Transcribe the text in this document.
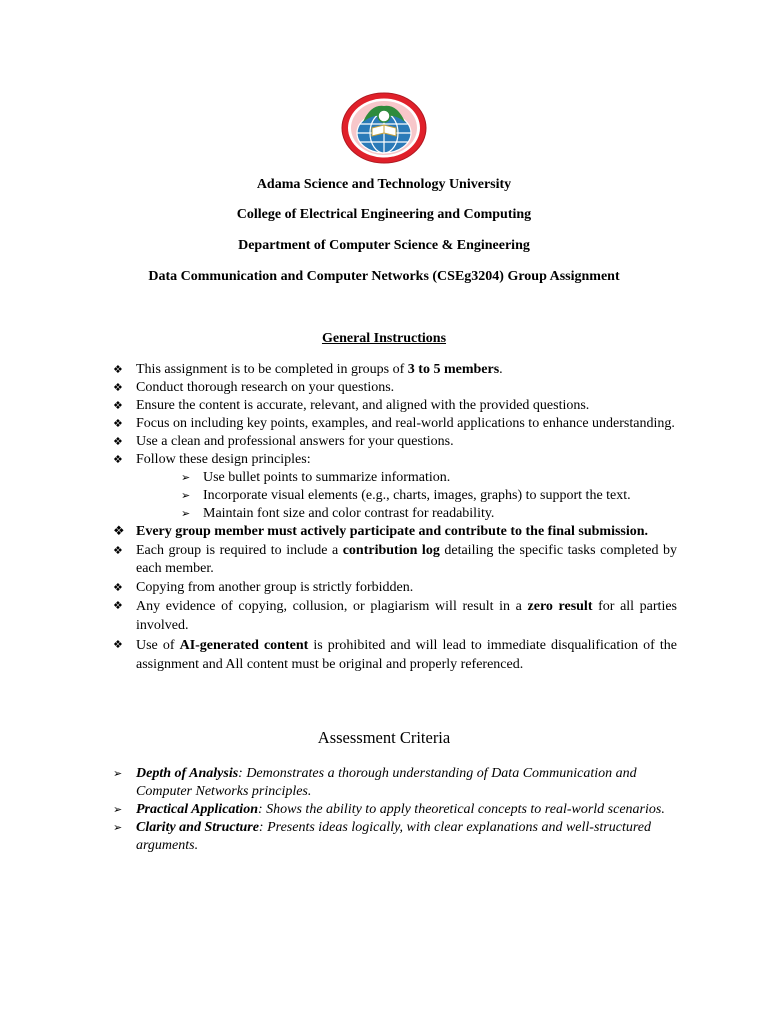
Adama Science and Technology University
College of Electrical Engineering and Computing
Department of Computer Science & Engineering
Data Communication and Computer Networks (CSEg3204) Group Assignment
General Instructions
❖ This assignment is to be completed in groups of 3 to 5 members.
❖ Conduct thorough research on your questions.
❖ Ensure the content is accurate, relevant, and aligned with the provided questions.
❖ Focus on including key points, examples, and real-world applications to enhance understanding.
❖ Use a clean and professional answers for your questions.
❖ Follow these design principles:
➢ Use bullet points to summarize information.
➢ Incorporate visual elements (e.g., charts, images, graphs) to support the text.
➢ Maintain font size and color contrast for readability.
❖ Every group member must actively participate and contribute to the final submission.
❖ Each group is required to include a contribution log detailing the specific tasks completed by each member.
❖ Copying from another group is strictly forbidden.
❖ Any evidence of copying, collusion, or plagiarism will result in a zero result for all parties involved.
❖ Use of AI-generated content is prohibited and will lead to immediate disqualification of the assignment and All content must be original and properly referenced.
Assessment Criteria
➢ Depth of Analysis: Demonstrates a thorough understanding of Data Communication and Computer Networks principles.
➢ Practical Application: Shows the ability to apply theoretical concepts to real-world scenarios.
➢ Clarity and Structure: Presents ideas logically, with clear explanations and well-structured arguments.
